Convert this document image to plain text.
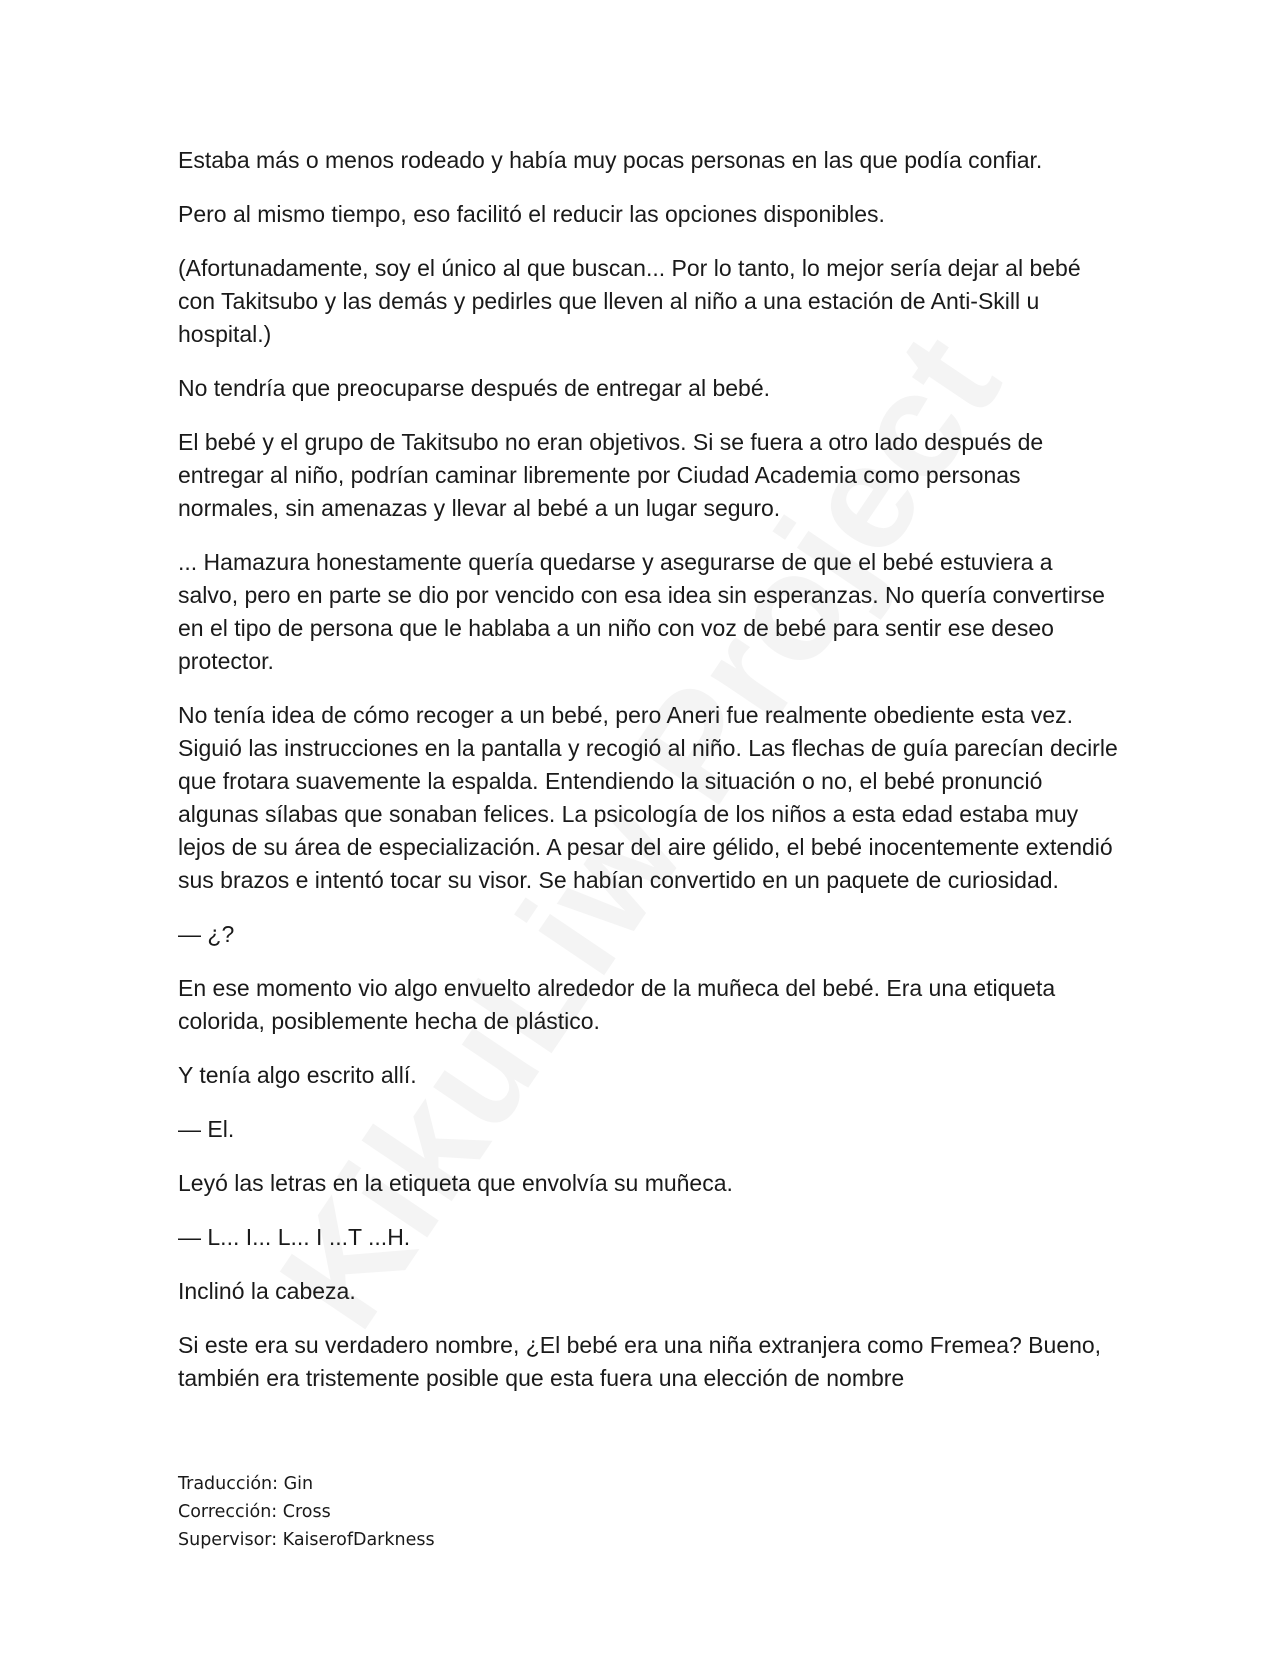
Estaba más o menos rodeado y había muy pocas personas en las que podía confiar.

Pero al mismo tiempo, eso facilitó el reducir las opciones disponibles.

(Afortunadamente, soy el único al que buscan... Por lo tanto, lo mejor sería dejar al bebé con Takitsubo y las demás y pedirles que lleven al niño a una estación de Anti-Skill u hospital.)

No tendría que preocuparse después de entregar al bebé.

El bebé y el grupo de Takitsubo no eran objetivos. Si se fuera a otro lado después de entregar al niño, podrían caminar libremente por Ciudad Academia como personas normales, sin amenazas y llevar al bebé a un lugar seguro.

... Hamazura honestamente quería quedarse y asegurarse de que el bebé estuviera a salvo, pero en parte se dio por vencido con esa idea sin esperanzas. No quería convertirse en el tipo de persona que le hablaba a un niño con voz de bebé para sentir ese deseo protector.

No tenía idea de cómo recoger a un bebé, pero Aneri fue realmente obediente esta vez. Siguió las instrucciones en la pantalla y recogió al niño. Las flechas de guía parecían decirle que frotara suavemente la espalda. Entendiendo la situación o no, el bebé pronunció algunas sílabas que sonaban felices. La psicología de los niños a esta edad estaba muy lejos de su área de especialización. A pesar del aire gélido, el bebé inocentemente extendió sus brazos e intentó tocar su visor. Se habían convertido en un paquete de curiosidad.

— ¿?

En ese momento vio algo envuelto alrededor de la muñeca del bebé. Era una etiqueta colorida, posiblemente hecha de plástico.

Y tenía algo escrito allí.

— El.

Leyó las letras en la etiqueta que envolvía su muñeca.

— L... I... L... I ...T ...H.

Inclinó la cabeza.

Si este era su verdadero nombre, ¿El bebé era una niña extranjera como Fremea? Bueno, también era tristemente posible que esta fuera una elección de nombre

Traducción: Gin
Corrección: Cross
Supervisor: KaiserofDarkness
